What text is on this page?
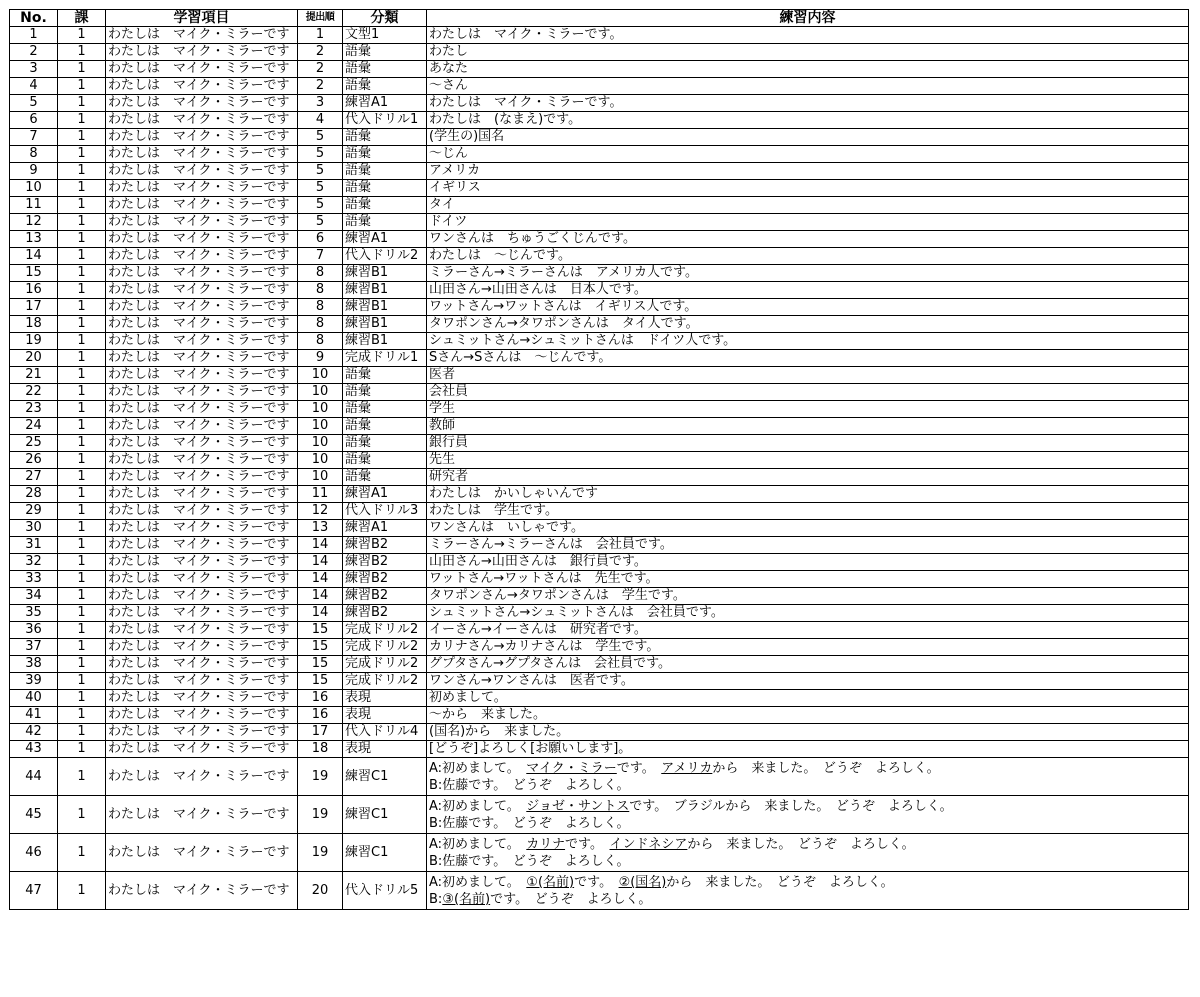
No.	課	学習項目	提出順	分類	練習内容
1	1	わたしは　マイク・ミラーです	1	文型1	わたしは　マイク・ミラーです。

2	1	わたしは　マイク・ミラーです	2	語彙	わたし

3	1	わたしは　マイク・ミラーです	2	語彙	あなた

4	1	わたしは　マイク・ミラーです	2	語彙	～さん

5	1	わたしは　マイク・ミラーです	3	練習A1	わたしは　マイク・ミラーです。

6	1	わたしは　マイク・ミラーです	4	代入ドリル1	わたしは　(なまえ)です。

7	1	わたしは　マイク・ミラーです	5	語彙	(学生の)国名

8	1	わたしは　マイク・ミラーです	5	語彙	～じん

9	1	わたしは　マイク・ミラーです	5	語彙	アメリカ

10	1	わたしは　マイク・ミラーです	5	語彙	イギリス

11	1	わたしは　マイク・ミラーです	5	語彙	タイ

12	1	わたしは　マイク・ミラーです	5	語彙	ドイツ

13	1	わたしは　マイク・ミラーです	6	練習A1	ワンさんは　ちゅうごくじんです。

14	1	わたしは　マイク・ミラーです	7	代入ドリル2	わたしは　～じんです。

15	1	わたしは　マイク・ミラーです	8	練習B1	ミラーさん→ミラーさんは　アメリカ人です。

16	1	わたしは　マイク・ミラーです	8	練習B1	山田さん→山田さんは　日本人です。

17	1	わたしは　マイク・ミラーです	8	練習B1	ワットさん→ワットさんは　イギリス人です。

18	1	わたしは　マイク・ミラーです	8	練習B1	タワポンさん→タワポンさんは　タイ人です。

19	1	わたしは　マイク・ミラーです	8	練習B1	シュミットさん→シュミットさんは　ドイツ人です。

20	1	わたしは　マイク・ミラーです	9	完成ドリル1	Sさん→Sさんは　～じんです。

21	1	わたしは　マイク・ミラーです	10	語彙	医者

22	1	わたしは　マイク・ミラーです	10	語彙	会社員

23	1	わたしは　マイク・ミラーです	10	語彙	学生

24	1	わたしは　マイク・ミラーです	10	語彙	教師

25	1	わたしは　マイク・ミラーです	10	語彙	銀行員

26	1	わたしは　マイク・ミラーです	10	語彙	先生

27	1	わたしは　マイク・ミラーです	10	語彙	研究者

28	1	わたしは　マイク・ミラーです	11	練習A1	わたしは　かいしゃいんです

29	1	わたしは　マイク・ミラーです	12	代入ドリル3	わたしは　学生です。

30	1	わたしは　マイク・ミラーです	13	練習A1	ワンさんは　いしゃです。

31	1	わたしは　マイク・ミラーです	14	練習B2	ミラーさん→ミラーさんは　会社員です。

32	1	わたしは　マイク・ミラーです	14	練習B2	山田さん→山田さんは　銀行員です。

33	1	わたしは　マイク・ミラーです	14	練習B2	ワットさん→ワットさんは　先生です。

34	1	わたしは　マイク・ミラーです	14	練習B2	タワポンさん→タワポンさんは　学生です。

35	1	わたしは　マイク・ミラーです	14	練習B2	シュミットさん→シュミットさんは　会社員です。

36	1	わたしは　マイク・ミラーです	15	完成ドリル2	イーさん→イーさんは　研究者です。

37	1	わたしは　マイク・ミラーです	15	完成ドリル2	カリナさん→カリナさんは　学生です。

38	1	わたしは　マイク・ミラーです	15	完成ドリル2	グプタさん→グプタさんは　会社員です。

39	1	わたしは　マイク・ミラーです	15	完成ドリル2	ワンさん→ワンさんは　医者です。

40	1	わたしは　マイク・ミラーです	16	表現	初めまして。

41	1	わたしは　マイク・ミラーです	16	表現	～から　来ました。

42	1	わたしは　マイク・ミラーです	17	代入ドリル4	(国名)から　来ました。

43	1	わたしは　マイク・ミラーです	18	表現	[どうぞ]よろしく[お願いします]。

44	1	わたしは　マイク・ミラーです	19	練習C1	A:初めまして。　マイク・ミラーです。　アメリカから　来ました。　どうぞ　よろしく。
B:佐藤です。　どうぞ　よろしく。

45	1	わたしは　マイク・ミラーです	19	練習C1	A:初めまして。　ジョゼ・サントスです。　ブラジルから　来ました。　どうぞ　よろしく。
B:佐藤です。　どうぞ　よろしく。

46	1	わたしは　マイク・ミラーです	19	練習C1	A:初めまして。　カリナです。　インドネシアから　来ました。　どうぞ　よろしく。
B:佐藤です。　どうぞ　よろしく。

47	1	わたしは　マイク・ミラーです	20	代入ドリル5	A:初めまして。　①(名前)です。　②(国名)から　来ました。　どうぞ　よろしく。
B:③(名前)です。　どうぞ　よろしく。
